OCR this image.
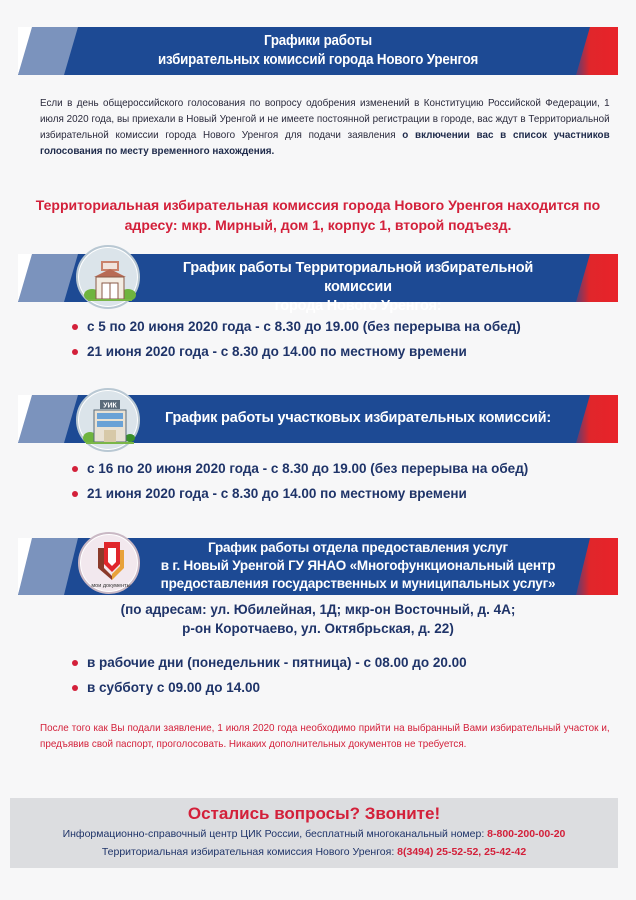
Графики работы
избирательных комиссий города Нового Уренгоя

Если в день общероссийского голосования по вопросу одобрения изменений в Конституцию Российской Федерации, 1 июля 2020 года, вы приехали в Новый Уренгой и не имеете постоянной регистрации в городе, вас ждут в Территориальной избирательной комиссии города Нового Уренгоя для подачи заявления о включении вас в список участников голосования по месту временного нахождения.

Территориальная избирательная комиссия города Нового Уренгоя находится по адресу: мкр. Мирный, дом 1, корпус 1, второй подъезд.
График работы Территориальной избирательной комиссии
города Нового Уренгоя:
с 5 по 20 июня 2020 года - с 8.30 до 19.00 (без перерыва на обед)
21 июня 2020 года - с 8.30 до 14.00 по местному времени
График работы участковых избирательных комиссий:
УИК
с 16 по 20 июня 2020 года - с 8.30 до 19.00 (без перерыва на обед)
21 июня 2020 года - с 8.30 до 14.00 по местному времени
График работы отдела предоставления услуг
в г. Новый Уренгой ГУ ЯНАО «Многофункциональный центр
предоставления государственных и муниципальных услуг»
мои документы
(по адресам: ул. Юбилейная, 1Д; мкр-он Восточный, д. 4А;
р-он Коротчаево, ул. Октябрьская, д. 22)
в рабочие дни (понедельник - пятница) - с 08.00 до 20.00
в субботу с 09.00 до 14.00

После того как Вы подали заявление, 1 июля 2020 года необходимо прийти на выбранный Вами избирательный участок и, предъявив свой паспорт, проголосовать. Никаких дополнительных документов не требуется.

Остались вопросы? Звоните!
Информационно-справочный центр ЦИК России, бесплатный многоканальный номер: 8-800-200-00-20
Территориальная избирательная комиссия Нового Уренгоя: 8(3494) 25-52-52, 25-42-42
